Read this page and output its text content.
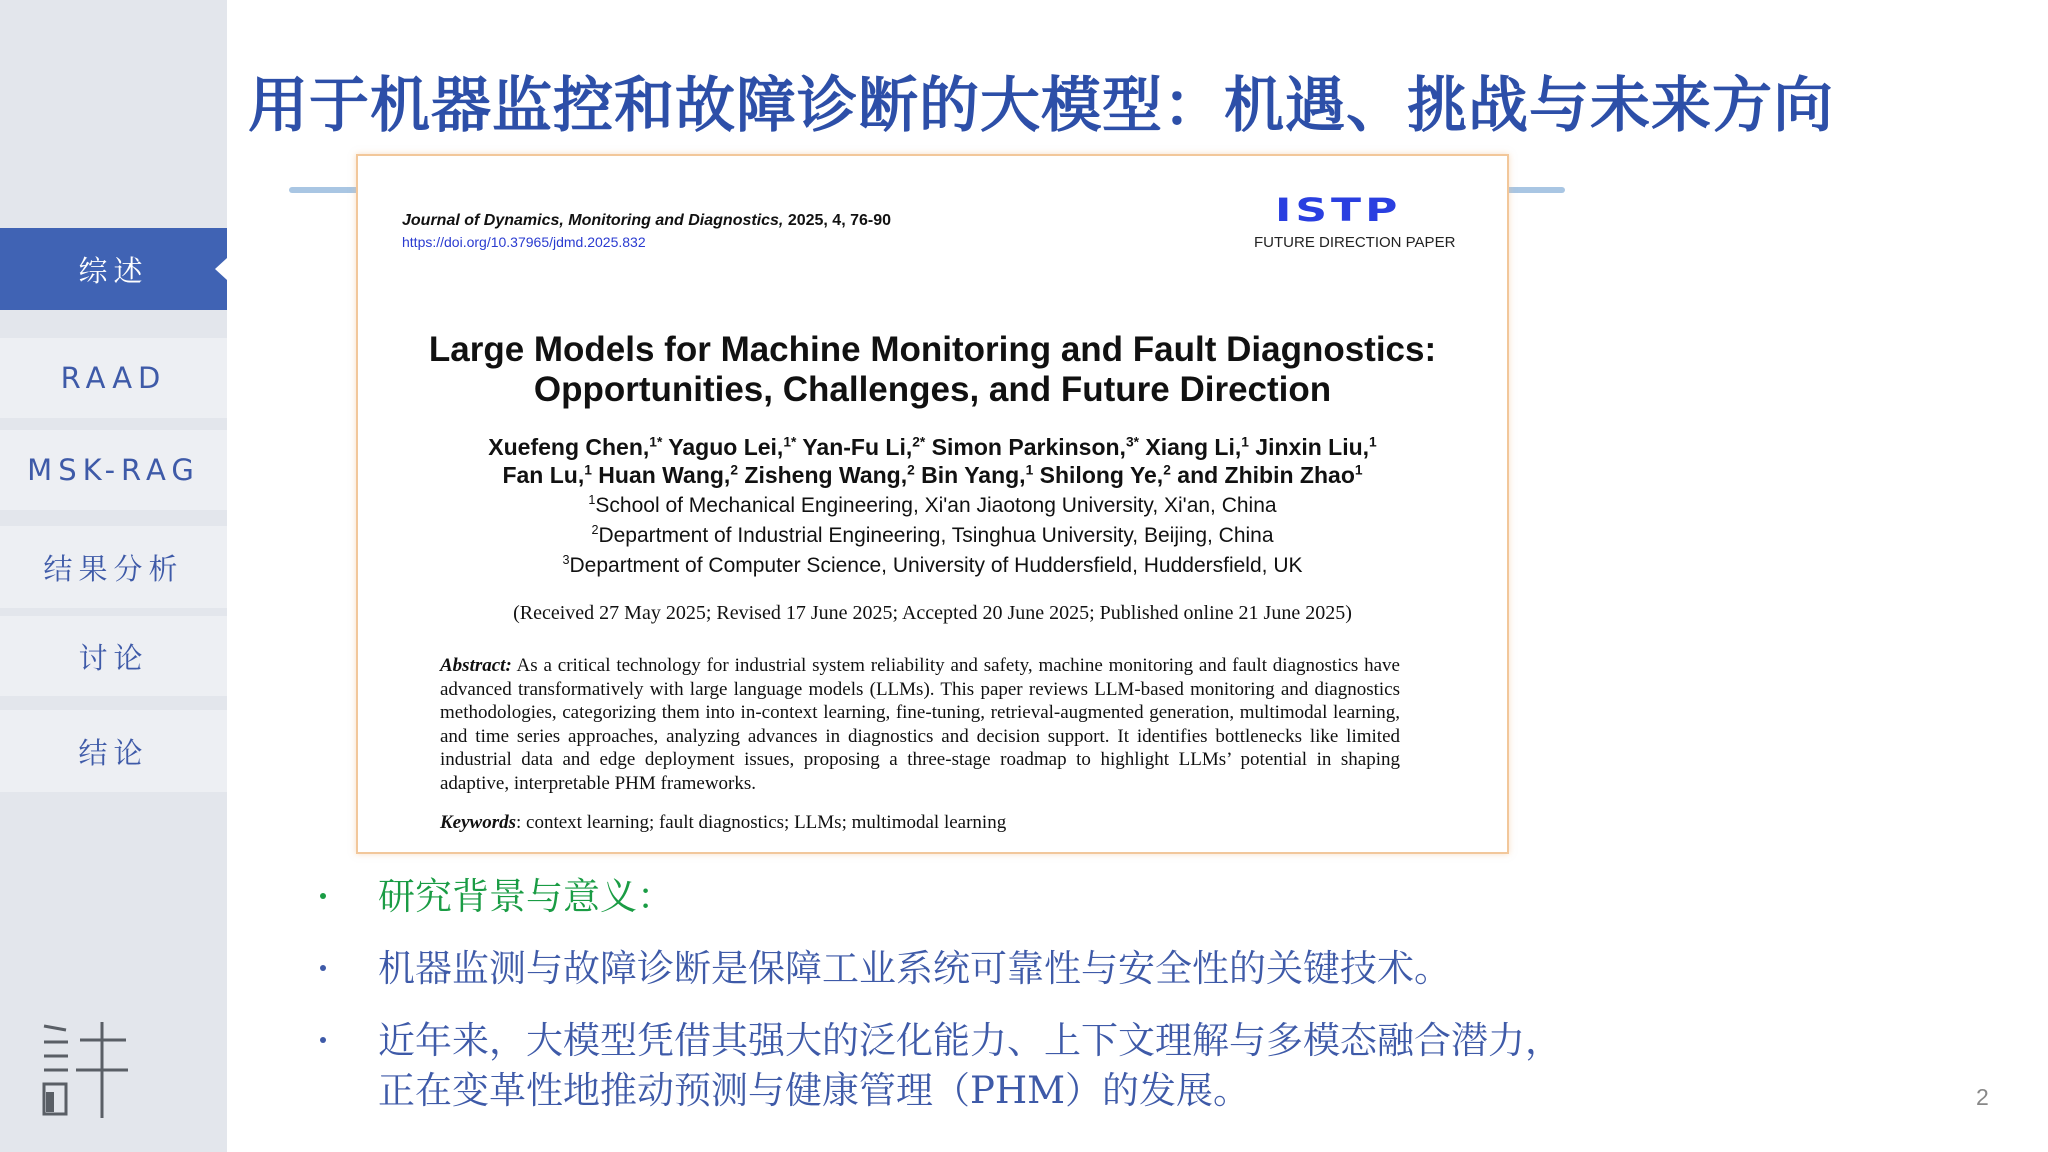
综述
RAAD
MSK-RAG
结果分析
讨论
结论
用于机器监控和故障诊断的大模型：机遇、挑战与未来方向
Journal of Dynamics, Monitoring and Diagnostics, 2025, 4, 76-90
https://doi.org/10.37965/jdmd.2025.832
ISTP
FUTURE DIRECTION PAPER
Large Models for Machine Monitoring and Fault Diagnostics:
Opportunities, Challenges, and Future Direction
Xuefeng Chen,$^{1*}$ Yaguo Lei,$^{1*}$ Yan-Fu Li,$^{2*}$ Simon Parkinson,$^{3*}$ Xiang Li,$^1$ Jinxin Liu,$^1$
Fan Lu,$^1$ Huan Wang,$^2$ Zisheng Wang,$^2$ Bin Yang,$^1$ Shilong Ye,$^2$ and Zhibin Zhao$^1$
$^1$School of Mechanical Engineering, Xi'an Jiaotong University, Xi'an, China
$^2$Department of Industrial Engineering, Tsinghua University, Beijing, China
$^3$Department of Computer Science, University of Huddersfield, Huddersfield, UK
(Received 27 May 2025; Revised 17 June 2025; Accepted 20 June 2025; Published online 21 June 2025)
Abstract: As a critical technology for industrial system reliability and safety, machine monitoring and fault diagnostics have advanced transformatively with large language models (LLMs). This paper reviews LLM-based monitoring and diagnostics methodologies, categorizing them into in-context learning, fine-tuning, retrieval-augmented generation, multimodal learning, and time series approaches, analyzing advances in diagnostics and decision support. It identifies bottlenecks like limited industrial data and edge deployment issues, proposing a three-stage roadmap to highlight LLMs’ potential in shaping adaptive, interpretable PHM frameworks.
Keywords: context learning; fault diagnostics; LLMs; multimodal learning
研究背景与意义：
机器监测与故障诊断是保障工业系统可靠性与安全性的关键技术。
近年来，大模型凭借其强大的泛化能力、上下文理解与多模态融合潜力，
正在变革性地推动预测与健康管理（PHM）的发展。	2
